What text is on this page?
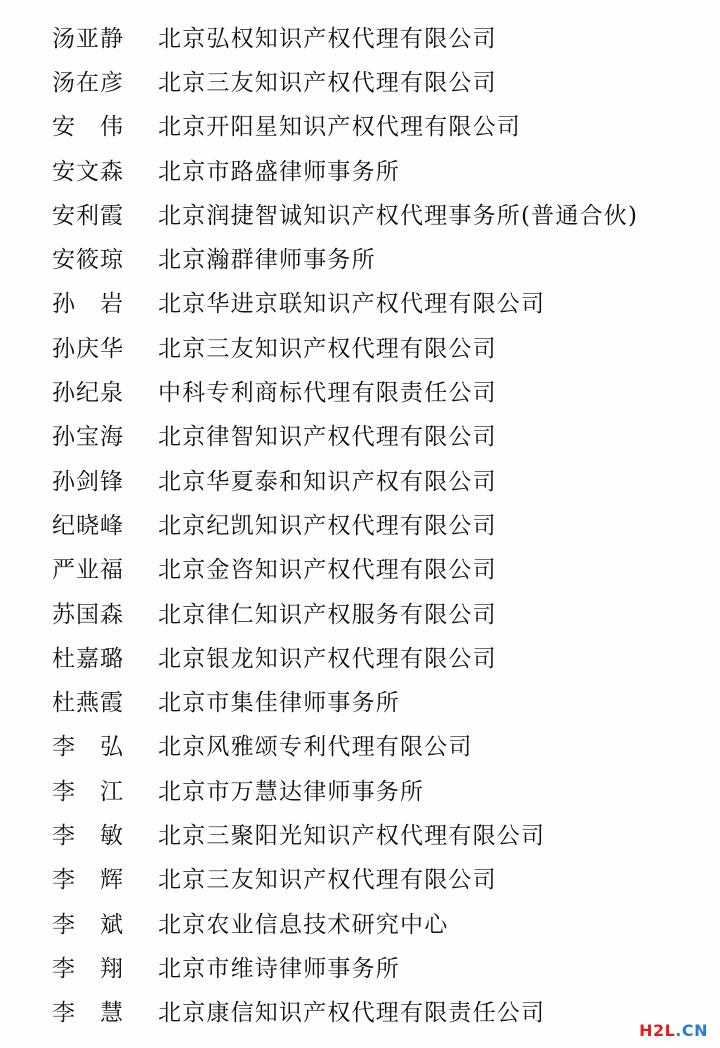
汤亚静	北京弘权知识产权代理有限公司
汤在彦	北京三友知识产权代理有限公司
安　伟	北京开阳星知识产权代理有限公司
安文森	北京市路盛律师事务所
安利霞	北京润捷智诚知识产权代理事务所(普通合伙)
安筱琼	北京瀚群律师事务所
孙　岩	北京华进京联知识产权代理有限公司
孙庆华	北京三友知识产权代理有限公司
孙纪泉	中科专利商标代理有限责任公司
孙宝海	北京律智知识产权代理有限公司
孙剑锋	北京华夏泰和知识产权有限公司
纪晓峰	北京纪凯知识产权代理有限公司
严业福	北京金咨知识产权代理有限公司
苏国森	北京律仁知识产权服务有限公司
杜嘉璐	北京银龙知识产权代理有限公司
杜燕霞	北京市集佳律师事务所
李　弘	北京风雅颂专利代理有限公司
李　江	北京市万慧达律师事务所
李　敏	北京三聚阳光知识产权代理有限公司
李　辉	北京三友知识产权代理有限公司
李　斌	北京农业信息技术研究中心
李　翔	北京市维诗律师事务所
李　慧	北京康信知识产权代理有限责任公司
H2L .CN
